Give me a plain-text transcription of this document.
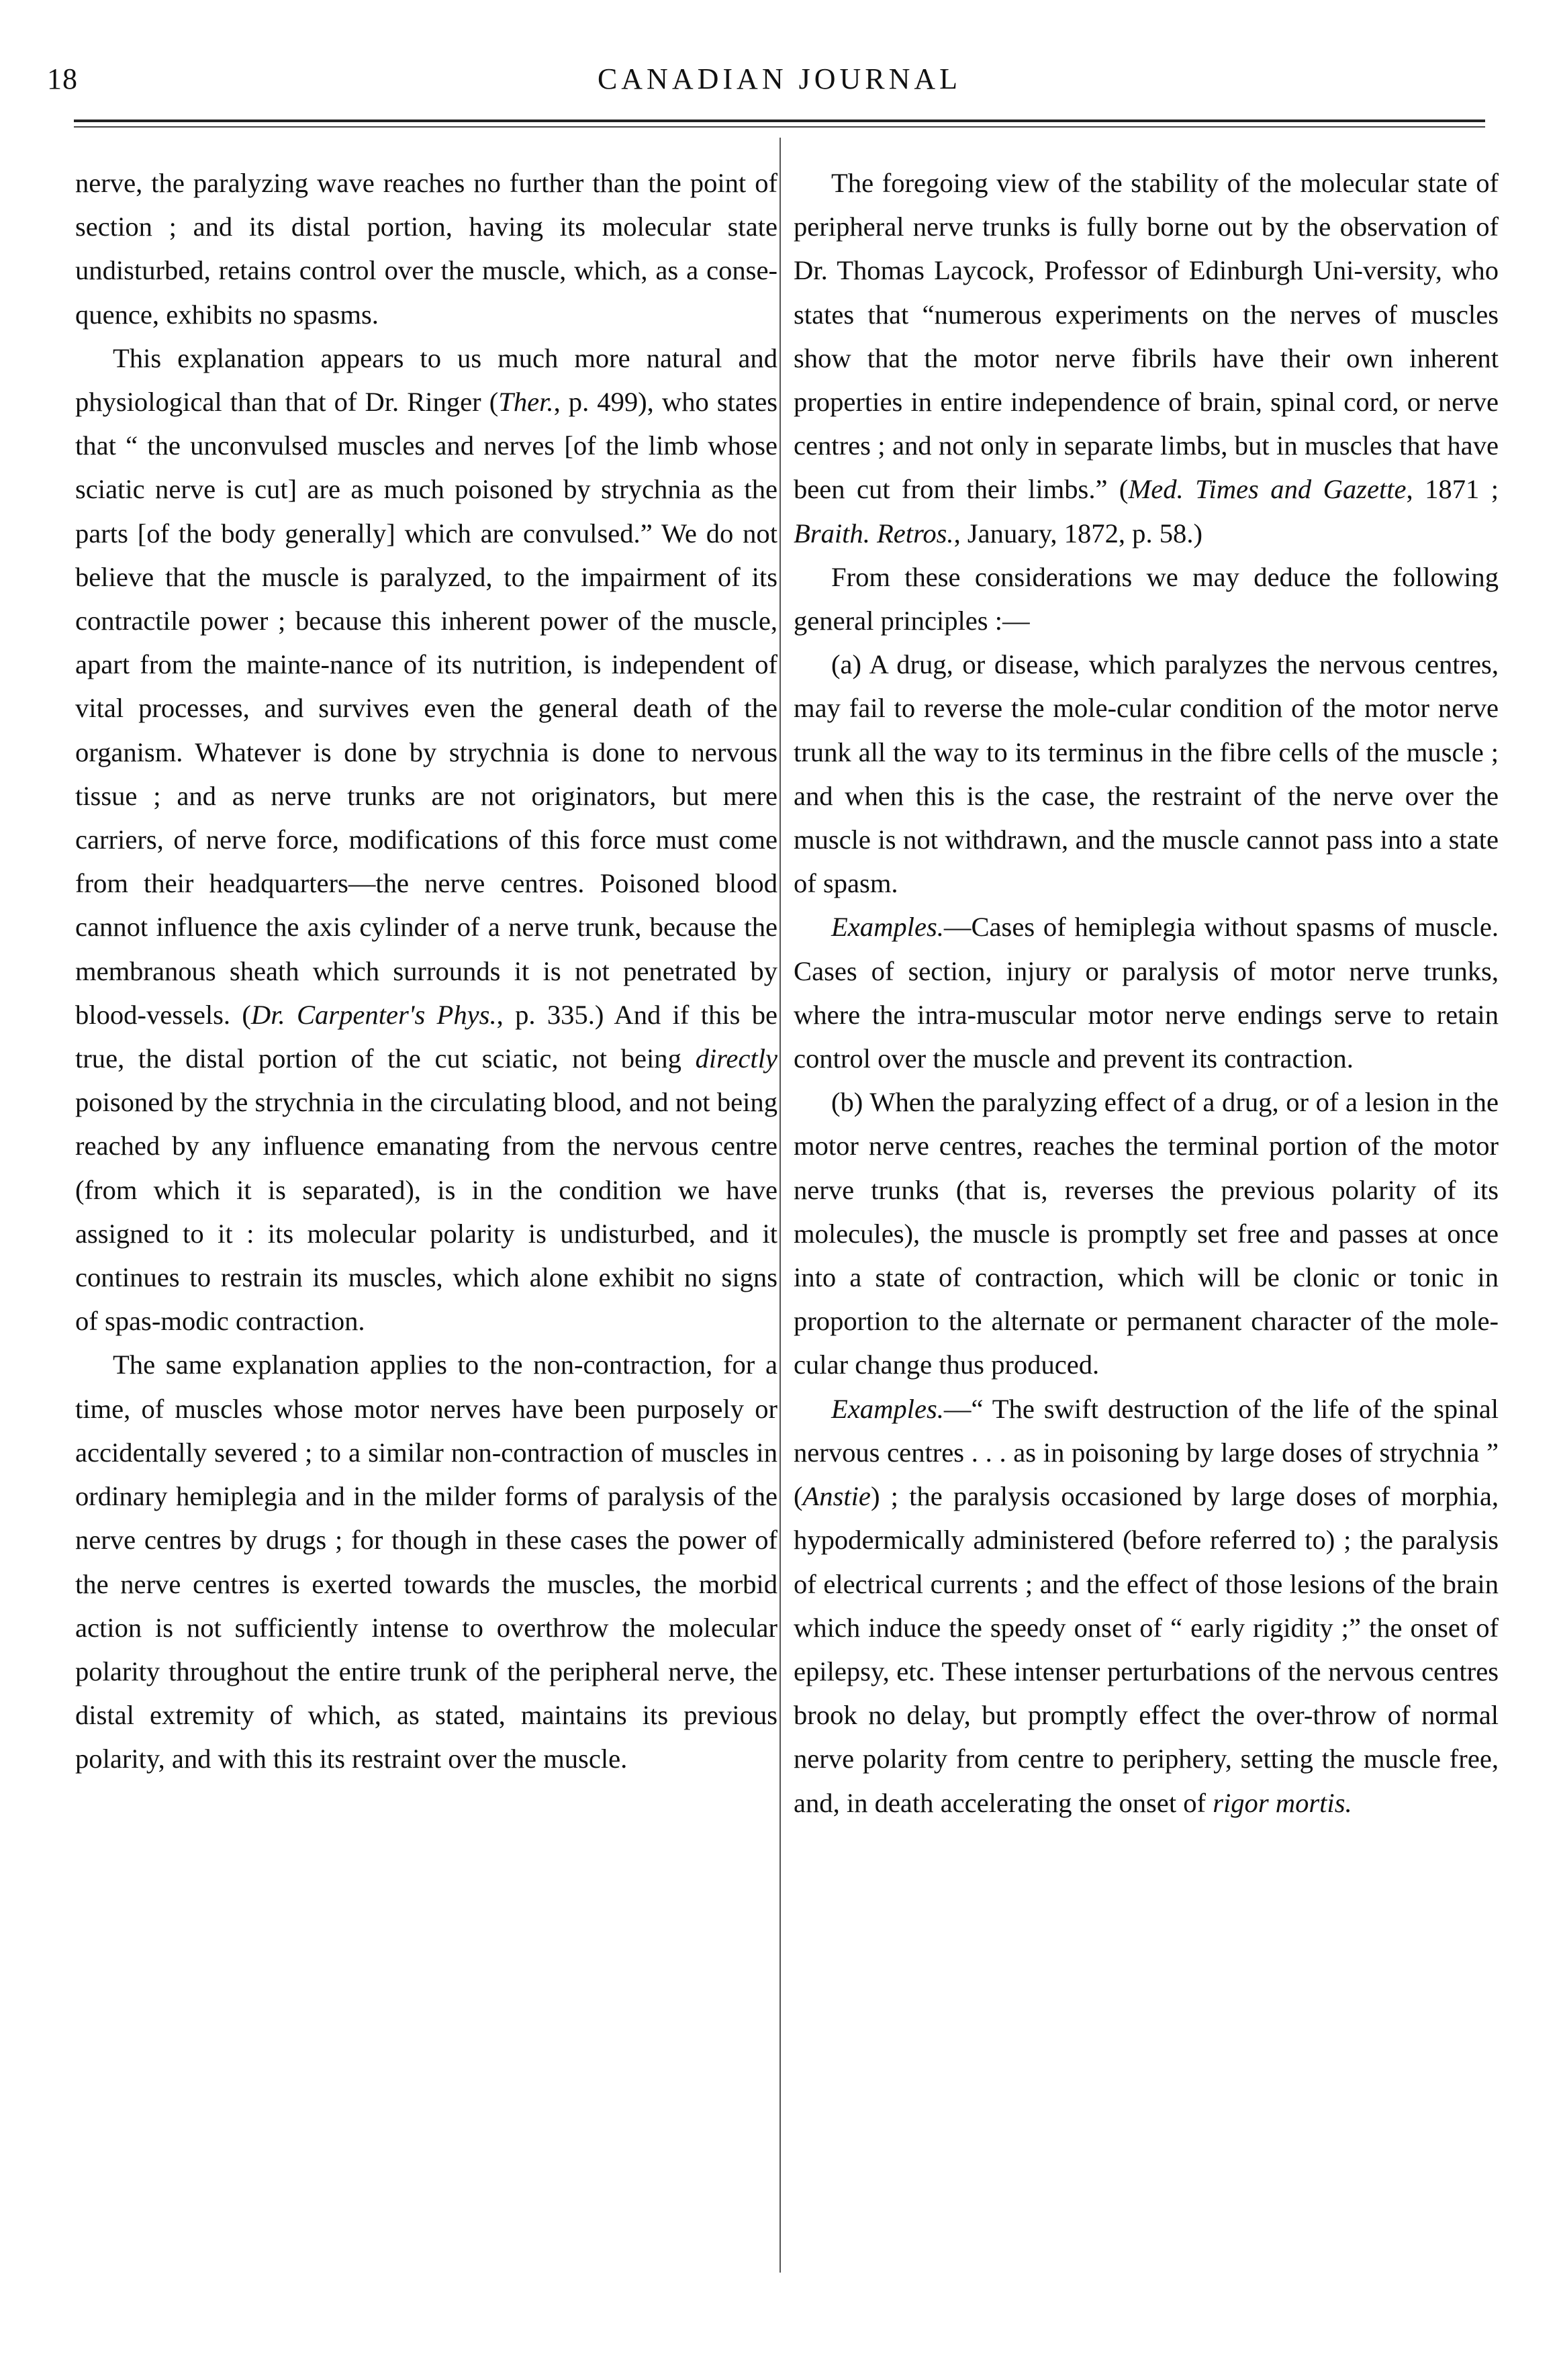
18	CANADIAN JOURNAL

nerve, the paralyzing wave reaches no further than the point of section ; and its distal portion, having its molecular state undisturbed, retains control over the muscle, which, as a conse-quence, exhibits no spasms.

This explanation appears to us much more natural and physiological than that of Dr. Ringer (Ther., p. 499), who states that “ the unconvulsed muscles and nerves [of the limb whose sciatic nerve is cut] are as much poisoned by strychnia as the parts [of the body generally] which are convulsed.” We do not believe that the muscle is paralyzed, to the impairment of its contractile power ; because this inherent power of the muscle, apart from the mainte-nance of its nutrition, is independent of vital processes, and survives even the general death of the organism. Whatever is done by strychnia is done to nervous tissue ; and as nerve trunks are not originators, but mere carriers, of nerve force, modifications of this force must come from their headquarters—the nerve centres. Poisoned blood cannot influence the axis cylinder of a nerve trunk, because the membranous sheath which surrounds it is not penetrated by blood-vessels. (Dr. Carpenter's Phys., p. 335.) And if this be true, the distal portion of the cut sciatic, not being directly poisoned by the strychnia in the circulating blood, and not being reached by any influence emanating from the nervous centre (from which it is separated), is in the condition we have assigned to it : its molecular polarity is undisturbed, and it continues to restrain its muscles, which alone exhibit no signs of spas-modic contraction.

The same explanation applies to the non-contraction, for a time, of muscles whose motor nerves have been purposely or accidentally severed ; to a similar non-contraction of muscles in ordinary hemiplegia and in the milder forms of paralysis of the nerve centres by drugs ; for though in these cases the power of the nerve centres is exerted towards the muscles, the morbid action is not sufficiently intense to overthrow the molecular polarity throughout the entire trunk of the peripheral nerve, the distal extremity of which, as stated, maintains its previous polarity, and with this its restraint over the muscle.

The foregoing view of the stability of the molecular state of peripheral nerve trunks is fully borne out by the observation of Dr. Thomas Laycock, Professor of Edinburgh Uni-versity, who states that “numerous experiments on the nerves of muscles show that the motor nerve fibrils have their own inherent properties in entire independence of brain, spinal cord, or nerve centres ; and not only in separate limbs, but in muscles that have been cut from their limbs.” (Med. Times and Gazette, 1871 ; Braith. Retros., January, 1872, p. 58.)

From these considerations we may deduce the following general principles :—

(a) A drug, or disease, which paralyzes the nervous centres, may fail to reverse the mole-cular condition of the motor nerve trunk all the way to its terminus in the fibre cells of the muscle ; and when this is the case, the restraint of the nerve over the muscle is not withdrawn, and the muscle cannot pass into a state of spasm.

Examples.—Cases of hemiplegia without spasms of muscle. Cases of section, injury or paralysis of motor nerve trunks, where the intra-muscular motor nerve endings serve to retain control over the muscle and prevent its contraction.

(b) When the paralyzing effect of a drug, or of a lesion in the motor nerve centres, reaches the terminal portion of the motor nerve trunks (that is, reverses the previous polarity of its molecules), the muscle is promptly set free and passes at once into a state of contraction, which will be clonic or tonic in proportion to the alternate or permanent character of the mole-cular change thus produced.

Examples.—“ The swift destruction of the life of the spinal nervous centres . . . as in poisoning by large doses of strychnia ” (Anstie) ; the paralysis occasioned by large doses of morphia, hypodermically administered (before referred to) ; the paralysis of electrical currents ; and the effect of those lesions of the brain which induce the speedy onset of “ early rigidity ;” the onset of epilepsy, etc. These intenser perturbations of the nervous centres brook no delay, but promptly effect the over-throw of normal nerve polarity from centre to periphery, setting the muscle free, and, in death accelerating the onset of rigor mortis.
